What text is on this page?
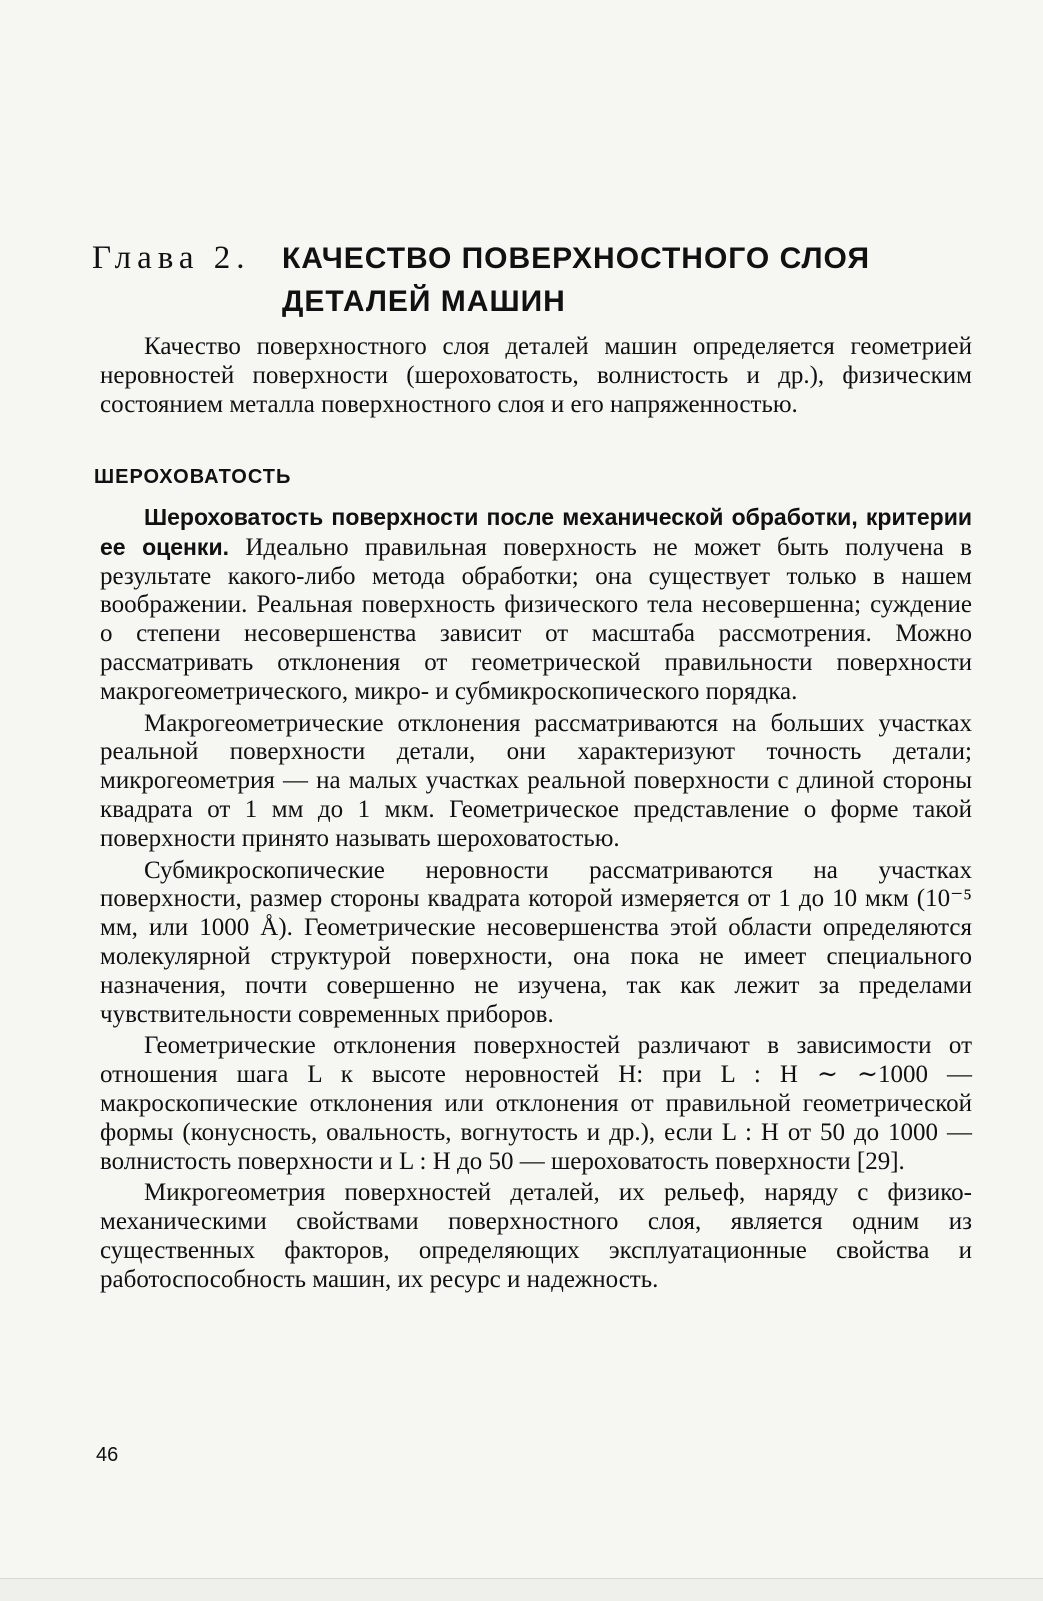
Глава 2. КАЧЕСТВО ПОВЕРХНОСТНОГО СЛОЯ
ДЕТАЛЕЙ МАШИН

Качество поверхностного слоя деталей машин определяется геометрией неровностей поверхности (шероховатость, волнистость и др.), физическим состоянием металла поверхностного слоя и его напряженностью.

ШЕРОХОВАТОСТЬ

Шероховатость поверхности после механической обработки, критерии ее оценки. Идеально правильная поверхность не может быть получена в результате какого-либо метода обработки; она существует только в нашем воображении. Реальная поверхность физического тела несовершенна; суждение о степени несовершенства зависит от масштаба рассмотрения. Можно рассматривать отклонения от геометрической правильности поверхности макрогеометрического, микро- и субмикроскопического порядка.

Макрогеометрические отклонения рассматриваются на больших участках реальной поверхности детали, они характеризуют точность детали; микрогеометрия — на малых участках реальной поверхности с длиной стороны квадрата от 1 мм до 1 мкм. Геометрическое представление о форме такой поверхности принято называть шероховатостью.

Субмикроскопические неровности рассматриваются на участках поверхности, размер стороны квадрата которой измеряется от 1 до 10 мкм (10⁻⁵ мм, или 1000 Å). Геометрические несовершенства этой области определяются молекулярной структурой поверхности, она пока не имеет специального назначения, почти совершенно не изучена, так как лежит за пределами чувствительности современных приборов.

Геометрические отклонения поверхностей различают в зависимости от отношения шага L к высоте неровностей H: при L : H ∼ ∼1000 — макроскопические отклонения или отклонения от правильной геометрической формы (конусность, овальность, вогнутость и др.), если L : H от 50 до 1000 — волнистость поверхности и L : H до 50 — шероховатость поверхности [29].

Микрогеометрия поверхностей деталей, их рельеф, наряду с физико-механическими свойствами поверхностного слоя, является одним из существенных факторов, определяющих эксплуатационные свойства и работоспособность машин, их ресурс и надежность.

46
